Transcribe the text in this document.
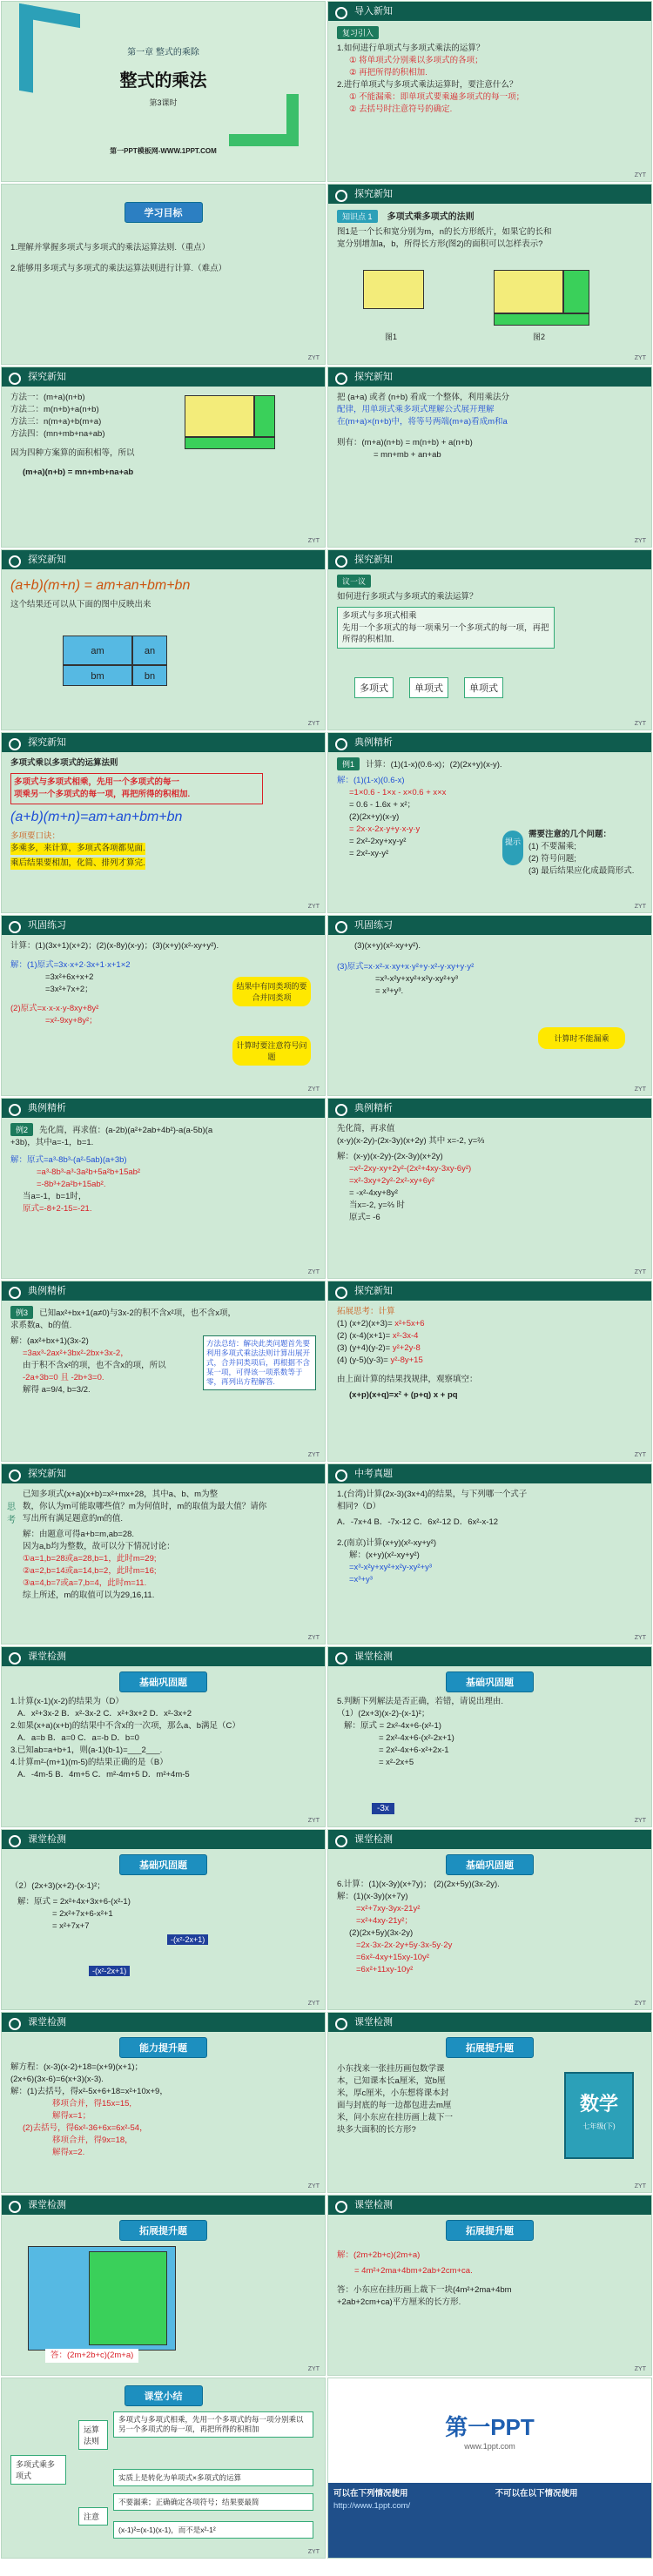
第一章 整式的乘除
整式的乘法
第3课时
第一PPT模板网-WWW.1PPT.COM
导入新知
复习引入
1.如何进行单项式与多项式乘法的运算？
① 将单项式分别乘以多项式的各项；
② 再把所得的积相加.
2.进行单项式与多项式乘法运算时，要注意什么？
① 不能漏乘：即单项式要乘遍多项式的每一项；
② 去括号时注意符号的确定.
ZYT
学习目标
1.理解并掌握多项式与多项式的乘法运算法则.（重点）
2.能够用多项式与多项式的乘法运算法则进行计算.（难点）
ZYT
探究新知
知识点 1 多项式乘多项式的法则
图1是一个长和宽分别为m，n的长方形纸片，如果它的长和
宽分别增加a，b，所得长方形(图2)的面积可以怎样表示?
图1	图2
ZYT
探究新知
方法一：(m+a)(n+b)
方法二：m(n+b)+a(n+b)
方法三：n(m+a)+b(m+a)
方法四：(mn+mb+na+ab)
因为四种方案算的面积相等，所以
(m+a)(n+b) = mn+mb+na+ab
ZYT
探究新知
把 (a+a) 或者 (n+b) 看成一个整体，利用乘法分
配律，用单项式乘多项式理解公式展开理解
在(m+a)×(n+b)中，将等号两端(m+a)看成m和a
则有：(m+a)(n+b) = m(n+b) + a(n+b)
= mn+mb + an+ab
ZYT
探究新知
(a+b)(m+n) = am+an+bm+bn
这个结果还可以从下面的图中反映出来
am	an
bm	bn
ZYT
探究新知
议一议
如何进行多项式与多项式的乘法运算？
多项式与多项式相乘
先用一个多项式的每一项乘另一个多项式的每一项，再把所得的积相加.
多项式	单项式	单项式
ZYT
探究新知
多项式乘以多项式的运算法则
多项式与多项式相乘，先用一个多项式的每一
项乘另一个多项式的每一项，再把所得的积相加.
(a+b)(m+n)=am+an+bm+bn
多项要口诀：
多乘多，来计算，多项式各项都见面.
乘后结果要相加，化简、排列才算完.
ZYT
典例精析
例1 计算：(1)(1-x)(0.6-x)；(2)(2x+y)(x-y).
解：(1)(1-x)(0.6-x)
=1×0.6 - 1×x - x×0.6 + x×x
= 0.6 - 1.6x + x²；
(2)(2x+y)(x-y)
= 2x·x-2x·y+y·x-y·y
= 2x²-2xy+xy-y²
= 2x²-xy-y²
提示
需要注意的几个问题：
(1) 不要漏乘;
(2) 符号问题;
(3) 最后结果应化成最简形式.
ZYT
巩固练习
计算：(1)(3x+1)(x+2)；(2)(x-8y)(x-y)；(3)(x+y)(x²-xy+y²).
解：(1)原式=3x·x+2·3x+1·x+1×2
=3x²+6x+x+2
=3x²+7x+2；
(2)原式=x·x-x·y-8xy+8y²
=x²-9xy+8y²；
结果中有同类项的要合并同类项
计算时要注意符号问题
ZYT
巩固练习
(3)(x+y)(x²-xy+y²).
(3)原式=x·x²-x·xy+x·y²+y·x²-y·xy+y·y²
=x³-x²y+xy²+x²y-xy²+y³
= x³+y³.
计算时不能漏乘
ZYT
典例精析
例2 先化简，再求值：(a-2b)(a²+2ab+4b²)-a(a-5b)(a
+3b)，其中a=-1，b=1.
解：原式=a³-8b³-(a²-5ab)(a+3b)
=a³-8b³-a³-3a²b+5a²b+15ab²
=-8b³+2a²b+15ab².
当a=-1，b=1时，
原式=-8+2-15=-21.
ZYT
典例精析
先化简，再求值
(x-y)(x-2y)-(2x-3y)(x+2y) 其中 x=-2, y=⅔
解：(x-y)(x-2y)-(2x-3y)(x+2y)
=x²-2xy-xy+2y²-(2x²+4xy-3xy-6y²)
=x²-3xy+2y²-2x²-xy+6y²
= -x²-4xy+8y²
当x=-2, y=⅔ 时
原式= -6
ZYT
典例精析
例3 已知ax²+bx+1(a≠0)与3x-2的积不含x²项，也不含x项，
求系数a、b的值.
解：(ax²+bx+1)(3x-2)
=3ax³-2ax²+3bx²-2bx+3x-2，
由于积不含x²的项，也不含x的项，所以
-2a+3b=0 且 -2b+3=0.
解得 a=9/4, b=3/2.
方法总结：解决此类问题首先要利用多项式乘法法则计算出展开式，合并同类项后，再根据不含某一项，可得该一项系数等于零，再列出方程解答.
ZYT
探究新知
拓展思考：计算
(1) (x+2)(x+3)= x²+5x+6
(2) (x-4)(x+1)= x²-3x-4
(3) (y+4)(y-2)= y²+2y-8
(4) (y-5)(y-3)= y²-8y+15
由上面计算的结果找规律，观察填空：
(x+p)(x+q)=x² + (p+q) x + pq
ZYT
探究新知
思考
已知多项式(x+a)(x+b)=x²+mx+28，其中a、b、m为整
数，你认为m可能取哪些值？m为何值时，m的取值为最大值？请你
写出所有满足题意的m的值.
解：由题意可得a+b=m,ab=28.
因为a,b均为整数，故可以分下情况讨论：
①a=1,b=28或a=28,b=1，此时m=29;
②a=2,b=14或a=14,b=2，此时m=16;
③a=4,b=7或a=7,b=4，此时m=11.
综上所述，m的取值可以为29,16,11.
ZYT
中考真题
1.(台湾)计算(2x-3)(3x+4)的结果，与下列哪一个式子
相同?（D）
A．-7x+4 B．-7x-12 C．6x²-12 D．6x²-x-12
2.(南京)计算(x+y)(x²-xy+y²)
解：(x+y)(x²-xy+y²)
=x³-x²y+xy²+x²y-xy²+y³
=x³+y³
ZYT
课堂检测
基础巩固题
1.计算(x-1)(x-2)的结果为（D）
A．x²+3x-2 B．x²-3x-2 C．x²+3x+2 D．x²-3x+2
2.如果(x+a)(x+b)的结果中不含x的一次项，那么a、b满足（C）
A．a=b B．a=0 C．a=-b D．b=0
3.已知ab=a+b+1，则(a-1)(b-1)=___2___.
4.计算m²-(m+1)(m-5)的结果正确的是（B）
A．-4m-5 B．4m+5 C．m²-4m+5 D．m²+4m-5
ZYT
课堂检测
基础巩固题
5.判断下列解法是否正确，若错，请说出理由.
（1）(2x+3)(x-2)-(x-1)²；
解：原式 = 2x²-4x+6-(x²-1)
= 2x²-4x+6-(x²-2x+1)
= 2x²-4x+6-x²+2x-1
= x²-2x+5
-3x
ZYT
课堂检测
基础巩固题
（2）(2x+3)(x+2)-(x-1)²；
解：原式 = 2x²+4x+3x+6-(x²-1)
= 2x²+7x+6-x²+1
= x²+7x+7
-(x²-2x+1)
-(x²-2x+1)
ZYT
课堂检测
基础巩固题
6.计算：(1)(x-3y)(x+7y)； (2)(2x+5y)(3x-2y).
解：(1)(x-3y)(x+7y)
=x²+7xy-3yx-21y²
=x²+4xy-21y²；
(2)(2x+5y)(3x-2y)
=2x·3x-2x·2y+5y·3x-5y·2y
=6x²-4xy+15xy-10y²
=6x²+11xy-10y²
ZYT
课堂检测
能力提升题
解方程：(x-3)(x-2)+18=(x+9)(x+1)；
(2x+6)(3x-6)=6(x+3)(x-3).
解：(1)去括号，得x²-5x+6+18=x²+10x+9，
移项合并，得15x=15,
解得x=1；
(2)去括号，得6x²-36+6x=6x²-54，
移项合并，得9x=18，
解得x=2.
ZYT
课堂检测
拓展提升题
小东找来一张挂历画包数学课
本，已知课本长a厘米，宽b厘
米，厚c厘米，小东想将课本封
面与封底的每一边都包进去m厘
米，问小东应在挂历画上裁下一
块多大面积的长方形?
数学
七年级(下)
ZYT
课堂检测
拓展提升题
答：(2m+2b+c)(2m+a)
ZYT
课堂检测
拓展提升题
解：(2m+2b+c)(2m+a)
= 4m²+2ma+4bm+2ab+2cm+ca.
答：小东应在挂历画上裁下一块(4m²+2ma+4bm
+2ab+2cm+ca)平方厘米的长方形.
ZYT
课堂小结
多项式乘多项式
运算法则
多项式与多项式相乘，先用一个多项式的每一项分别乘以另一个多项式的每一项，再把所得的积相加
注意
实质上是转化为单项式×多项式的运算
不要漏乘；正确确定各项符号；结果要最简
(x-1)²=(x-1)(x-1)，而不是x²-1²
ZYT
第一PPT
www.1ppt.com
可以在下列情况使用
http://www.1ppt.com/
不可以在以下情况使用
